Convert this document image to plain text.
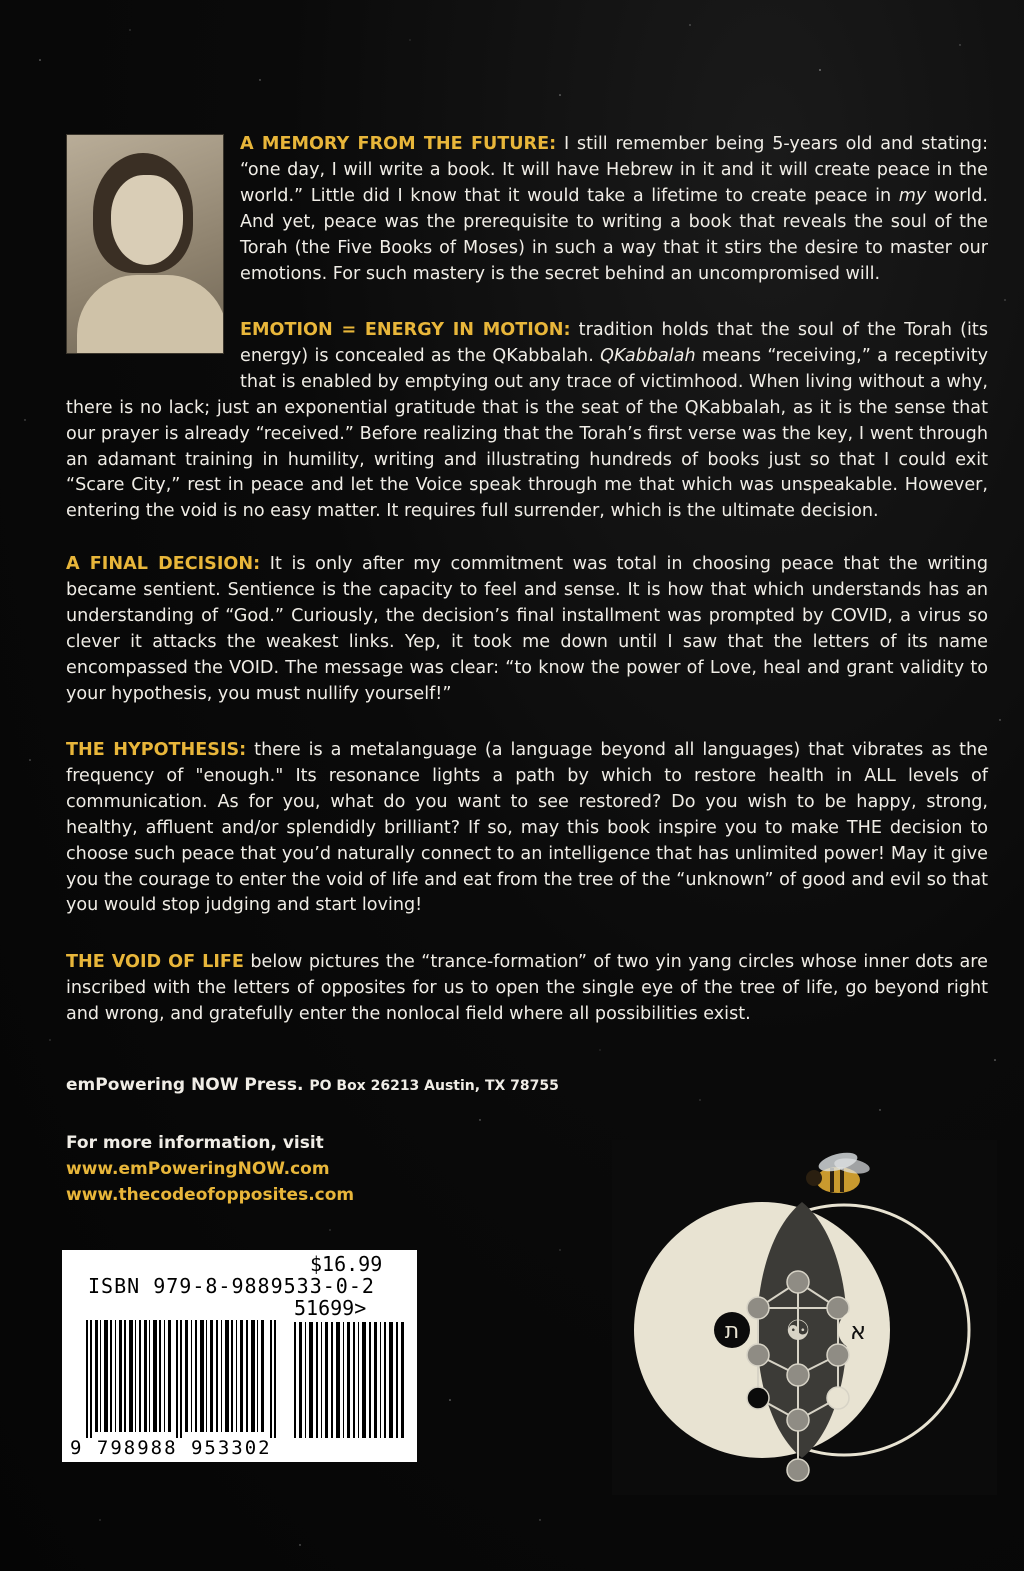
A MEMORY FROM THE FUTURE: I still remember being 5-years old and stating: “one day, I will write a book. It will have Hebrew in it and it will create peace in the world.” Little did I know that it would take a lifetime to create peace in my world. And yet, peace was the prerequisite to writing a book that reveals the soul of the Torah (the Five Books of Moses) in such a way that it stirs the desire to master our emotions. For such mastery is the secret behind an uncompromised will.
EMOTION = ENERGY IN MOTION: tradition holds that the soul of the Torah (its energy) is concealed as the QKabbalah. QKabbalah means “receiving,” a receptivity that is enabled by emptying out any trace of victimhood. When living without a why, there is no lack; just an exponential gratitude that is the seat of the QKabbalah, as it is the sense that our prayer is already “received.” Before realizing that the Torah’s first verse was the key, I went through an adamant training in humility, writing and illustrating hundreds of books just so that I could exit “Scare City,” rest in peace and let the Voice speak through me that which was unspeakable. However, entering the void is no easy matter. It requires full surrender, which is the ultimate decision.
A FINAL DECISION: It is only after my commitment was total in choosing peace that the writing became sentient. Sentience is the capacity to feel and sense. It is how that which understands has an understanding of “God.” Curiously, the decision’s final installment was prompted by COVID, a virus so clever it attacks the weakest links. Yep, it took me down until I saw that the letters of its name encompassed the VOID. The message was clear: “to know the power of Love, heal and grant validity to your hypothesis, you must nullify yourself!”
THE HYPOTHESIS: there is a metalanguage (a language beyond all languages) that vibrates as the frequency of "enough." Its resonance lights a path by which to restore health in ALL levels of communication. As for you, what do you want to see restored? Do you wish to be happy, strong, healthy, affluent and/or splendidly brilliant? If so, may this book inspire you to make THE decision to choose such peace that you’d naturally connect to an intelligence that has unlimited power! May it give you the courage to enter the void of life and eat from the tree of the “unknown” of good and evil so that you would stop judging and start loving!
THE VOID OF LIFE below pictures the “trance-formation” of two yin yang circles whose inner dots are inscribed with the letters of opposites for us to open the single eye of the tree of life, go beyond right and wrong, and gratefully enter the nonlocal field where all possibilities exist.
emPowering NOW Press. PO Box 26213 Austin, TX 78755
For more information, visit
www.emPoweringNOW.com
www.thecodeofopposites.com
$16.99
ISBN 979-8-9889533-0-2
51699>
9 798988 953302
ת	א
☯
